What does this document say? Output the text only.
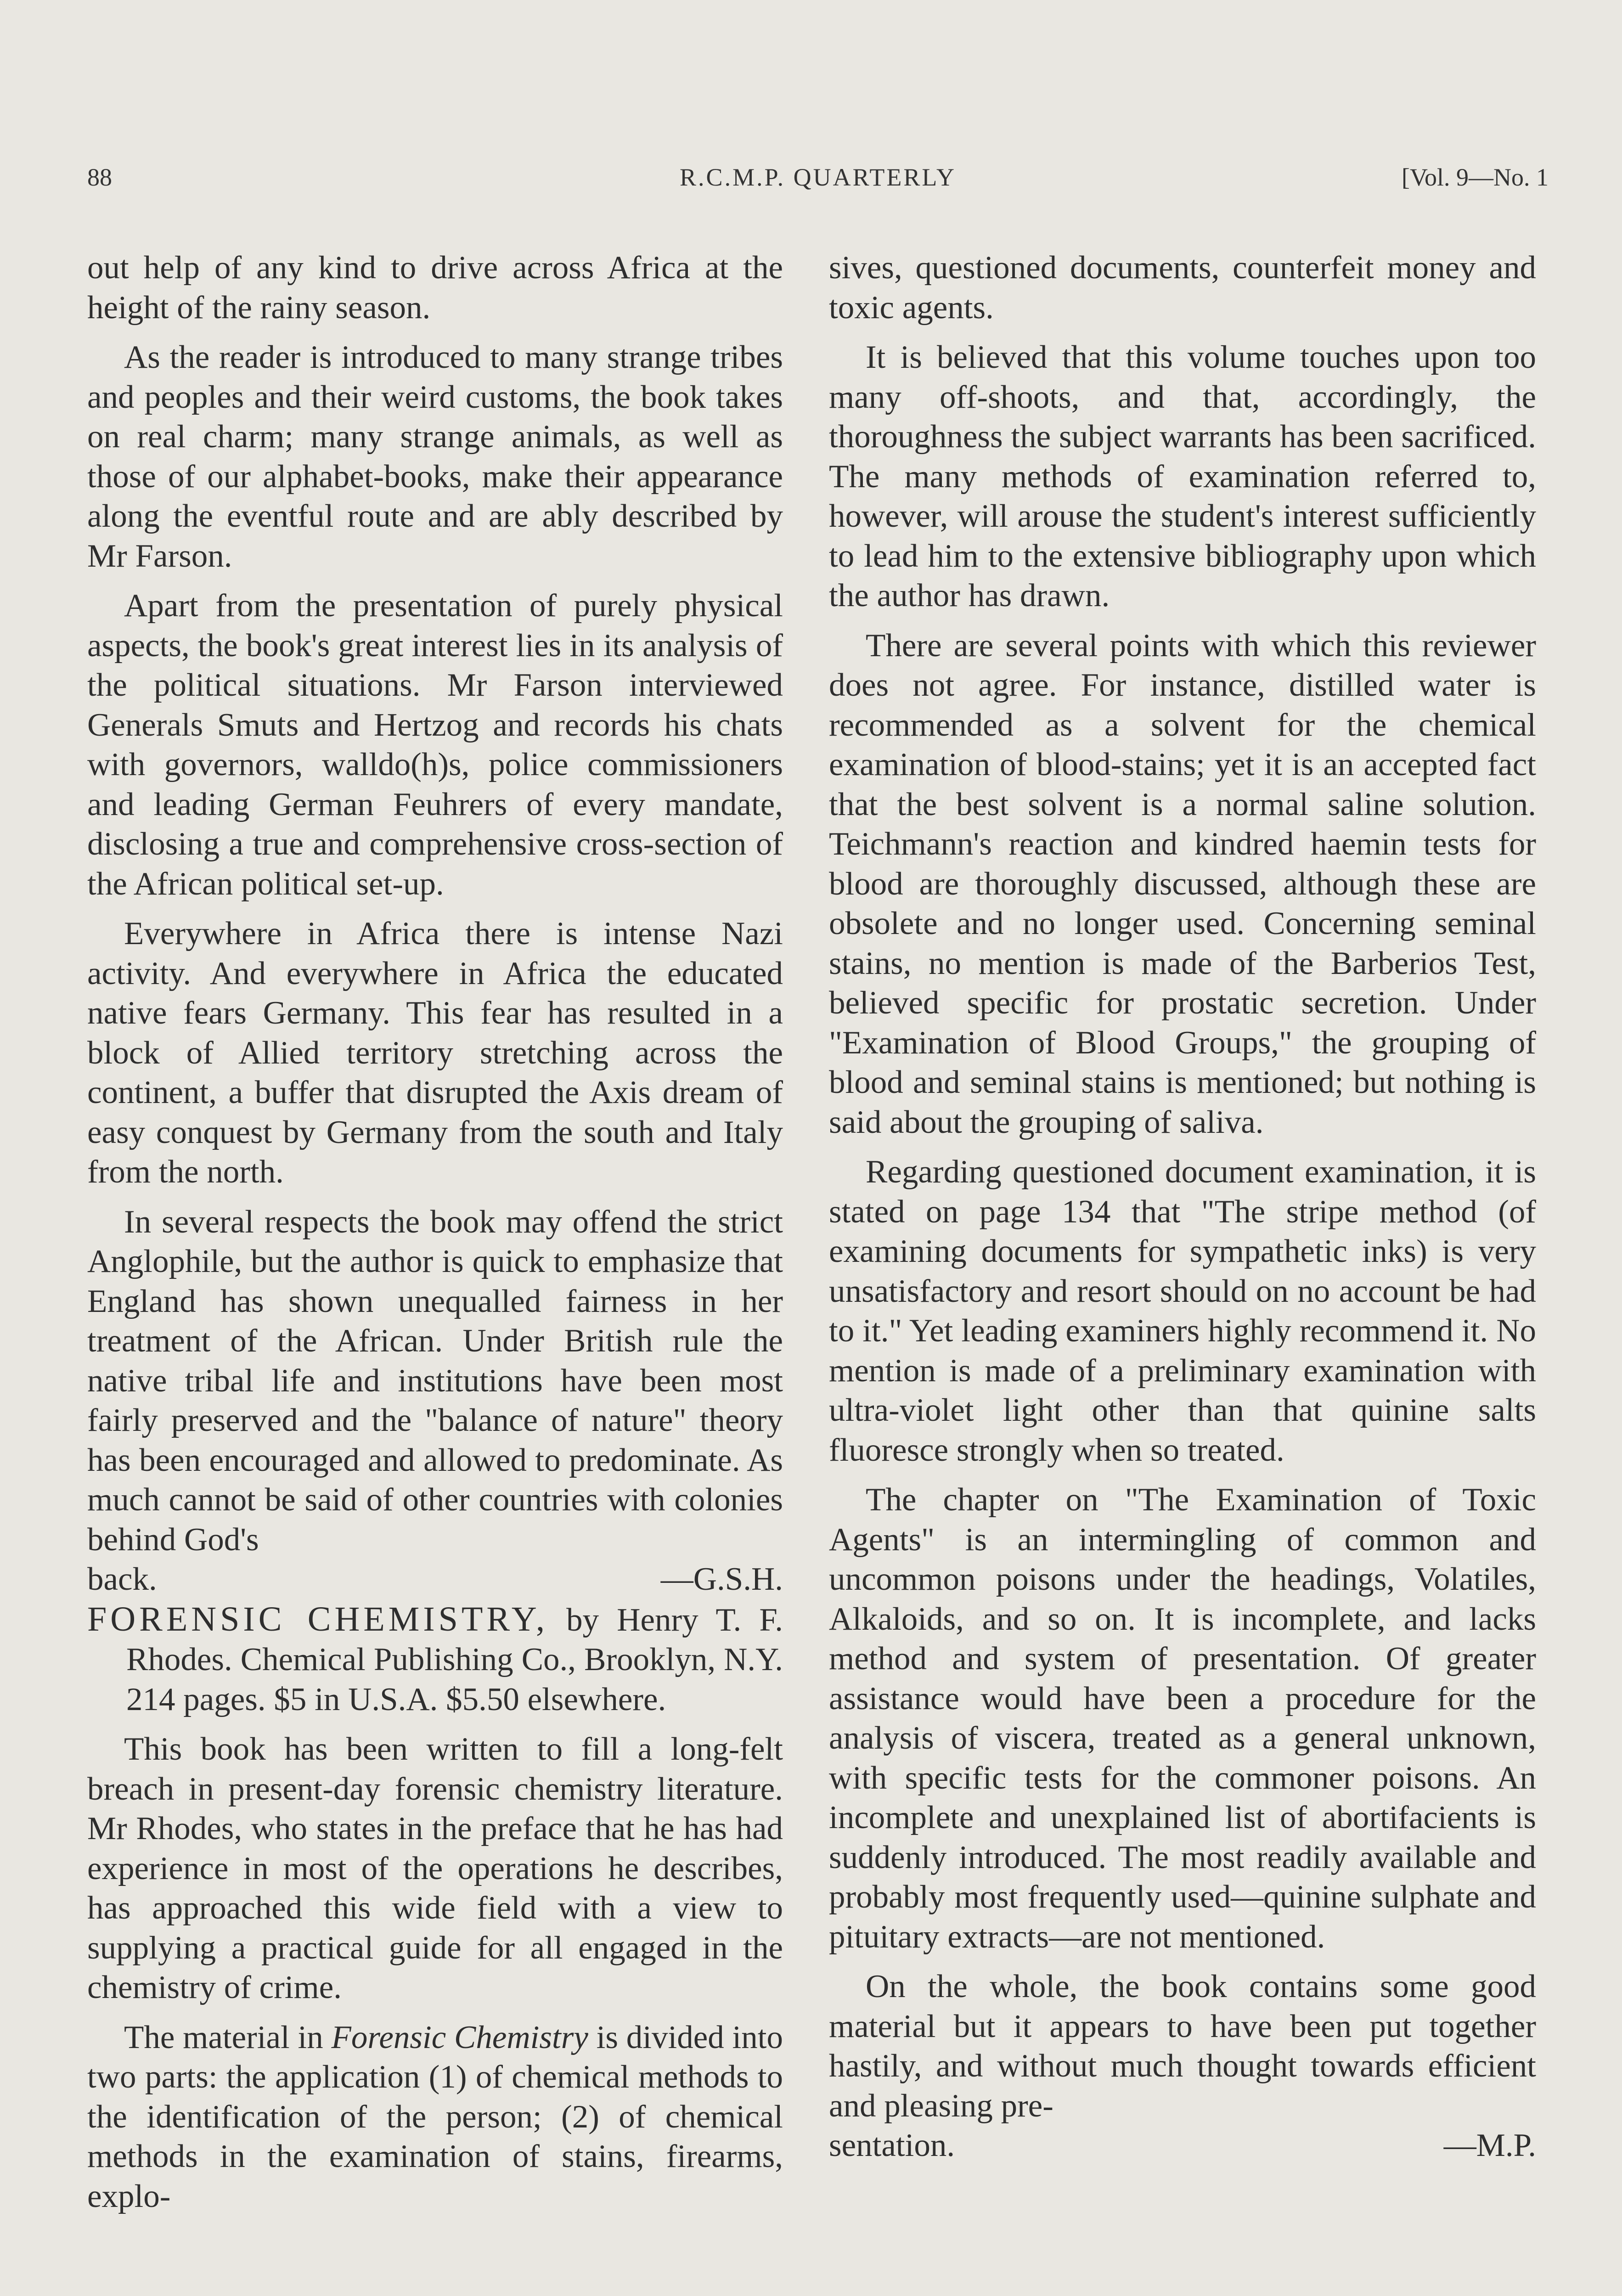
88	R.C.M.P. QUARTERLY	[Vol. 9—No. 1

out help of any kind to drive across Africa at the height of the rainy season.

As the reader is introduced to many strange tribes and peoples and their weird customs, the book takes on real charm; many strange animals, as well as those of our alphabet-books, make their appearance along the eventful route and are ably described by Mr Farson.

Apart from the presentation of purely physical aspects, the book's great interest lies in its analysis of the political situations. Mr Farson interviewed Generals Smuts and Hertzog and records his chats with governors, walldo(h)s, police commissioners and leading German Feuhrers of every mandate, disclosing a true and comprehensive cross-section of the African political set-up.

Everywhere in Africa there is intense Nazi activity. And everywhere in Africa the educated native fears Germany. This fear has resulted in a block of Allied territory stretching across the continent, a buffer that disrupted the Axis dream of easy conquest by Germany from the south and Italy from the north.

In several respects the book may offend the strict Anglophile, but the author is quick to emphasize that England has shown unequalled fairness in her treatment of the African. Under British rule the native tribal life and institutions have been most fairly preserved and the "balance of nature" theory has been encouraged and allowed to predominate. As much cannot be said of other countries with colonies behind God's

back.	—G.S.H.

FORENSIC CHEMISTRY, by Henry T. F. Rhodes. Chemical Publishing Co., Brooklyn, N.Y. 214 pages. $5 in U.S.A. $5.50 elsewhere.

This book has been written to fill a long-felt breach in present-day forensic chemistry literature. Mr Rhodes, who states in the preface that he has had experience in most of the operations he describes, has approached this wide field with a view to supplying a practical guide for all engaged in the chemistry of crime.

The material in Forensic Chemistry is divided into two parts: the application (1) of chemical methods to the identification of the person; (2) of chemical methods in the examination of stains, firearms, explo-

sives, questioned documents, counterfeit money and toxic agents.

It is believed that this volume touches upon too many off-shoots, and that, accordingly, the thoroughness the subject warrants has been sacrificed. The many methods of examination referred to, however, will arouse the student's interest sufficiently to lead him to the extensive bibliography upon which the author has drawn.

There are several points with which this reviewer does not agree. For instance, distilled water is recommended as a solvent for the chemical examination of blood-stains; yet it is an accepted fact that the best solvent is a normal saline solution. Teichmann's reaction and kindred haemin tests for blood are thoroughly discussed, although these are obsolete and no longer used. Concerning seminal stains, no mention is made of the Barberios Test, believed specific for prostatic secretion. Under "Examination of Blood Groups," the grouping of blood and seminal stains is mentioned; but nothing is said about the grouping of saliva.

Regarding questioned document examination, it is stated on page 134 that "The stripe method (of examining documents for sympathetic inks) is very unsatisfactory and resort should on no account be had to it." Yet leading examiners highly recommend it. No mention is made of a preliminary examination with ultra-violet light other than that quinine salts fluoresce strongly when so treated.

The chapter on "The Examination of Toxic Agents" is an intermingling of common and uncommon poisons under the headings, Volatiles, Alkaloids, and so on. It is incomplete, and lacks method and system of presentation. Of greater assistance would have been a procedure for the analysis of viscera, treated as a general unknown, with specific tests for the commoner poisons. An incomplete and unexplained list of abortifacients is suddenly introduced. The most readily available and probably most frequently used—quinine sulphate and pituitary extracts—are not mentioned.

On the whole, the book contains some good material but it appears to have been put together hastily, and without much thought towards efficient and pleasing pre-

sentation.	—M.P.
